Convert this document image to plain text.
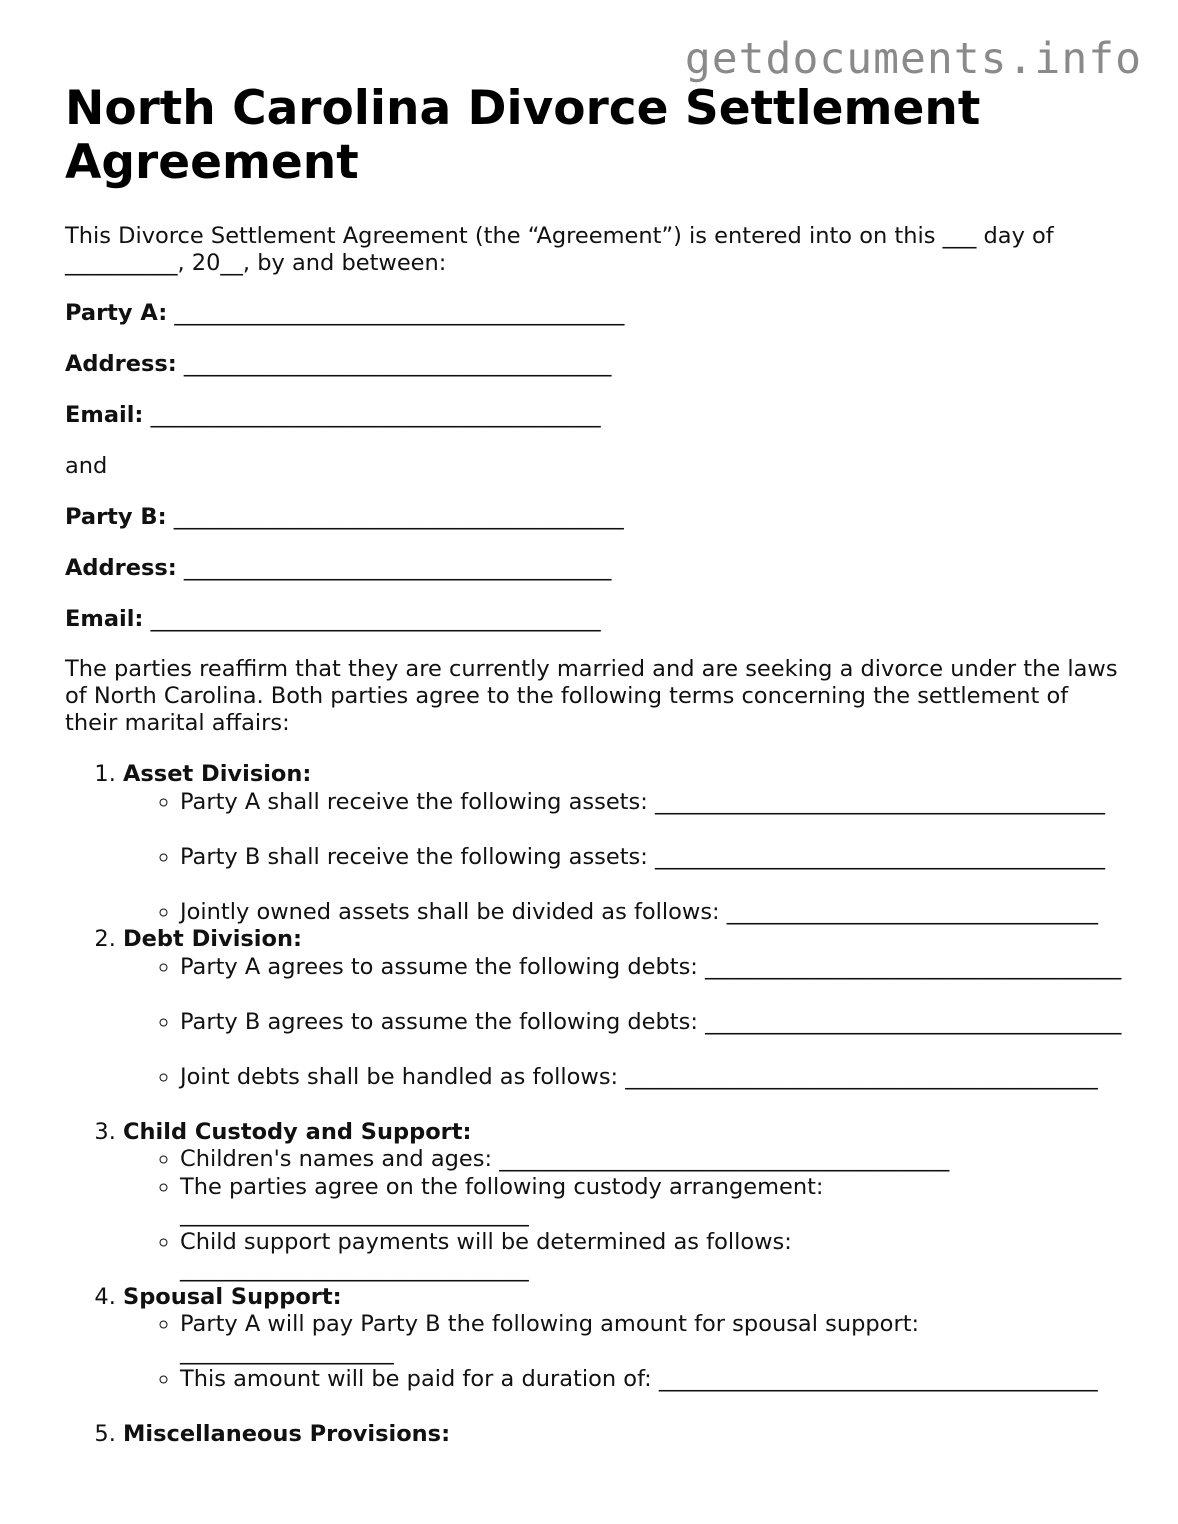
getdocuments.info
North Carolina Divorce Settlement Agreement

This Divorce Settlement Agreement (the “Agreement”) is entered into on this ___ day of __________, 20__, by and between:

Party A: ________________________________________

Address: ______________________________________

Email: ________________________________________

and

Party B: ________________________________________

Address: ______________________________________

Email: ________________________________________

The parties reaffirm that they are currently married and are seeking a divorce under the laws of North Carolina. Both parties agree to the following terms concerning the settlement of their marital affairs:

1. Asset Division:
◦ Party A shall receive the following assets: ________________________________________
◦ Party B shall receive the following assets: ________________________________________
◦ Jointly owned assets shall be divided as follows: _________________________________
2. Debt Division:
◦ Party A agrees to assume the following debts: _____________________________________
◦ Party B agrees to assume the following debts: _____________________________________
◦ Joint debts shall be handled as follows: __________________________________________
3. Child Custody and Support:
◦ Children's names and ages: ________________________________________
◦ The parties agree on the following custody arrangement: _______________________________
◦ Child support payments will be determined as follows: _______________________________
4. Spousal Support:
◦ Party A will pay Party B the following amount for spousal support: ___________________
◦ This amount will be paid for a duration of: _______________________________________
5. Miscellaneous Provisions:
